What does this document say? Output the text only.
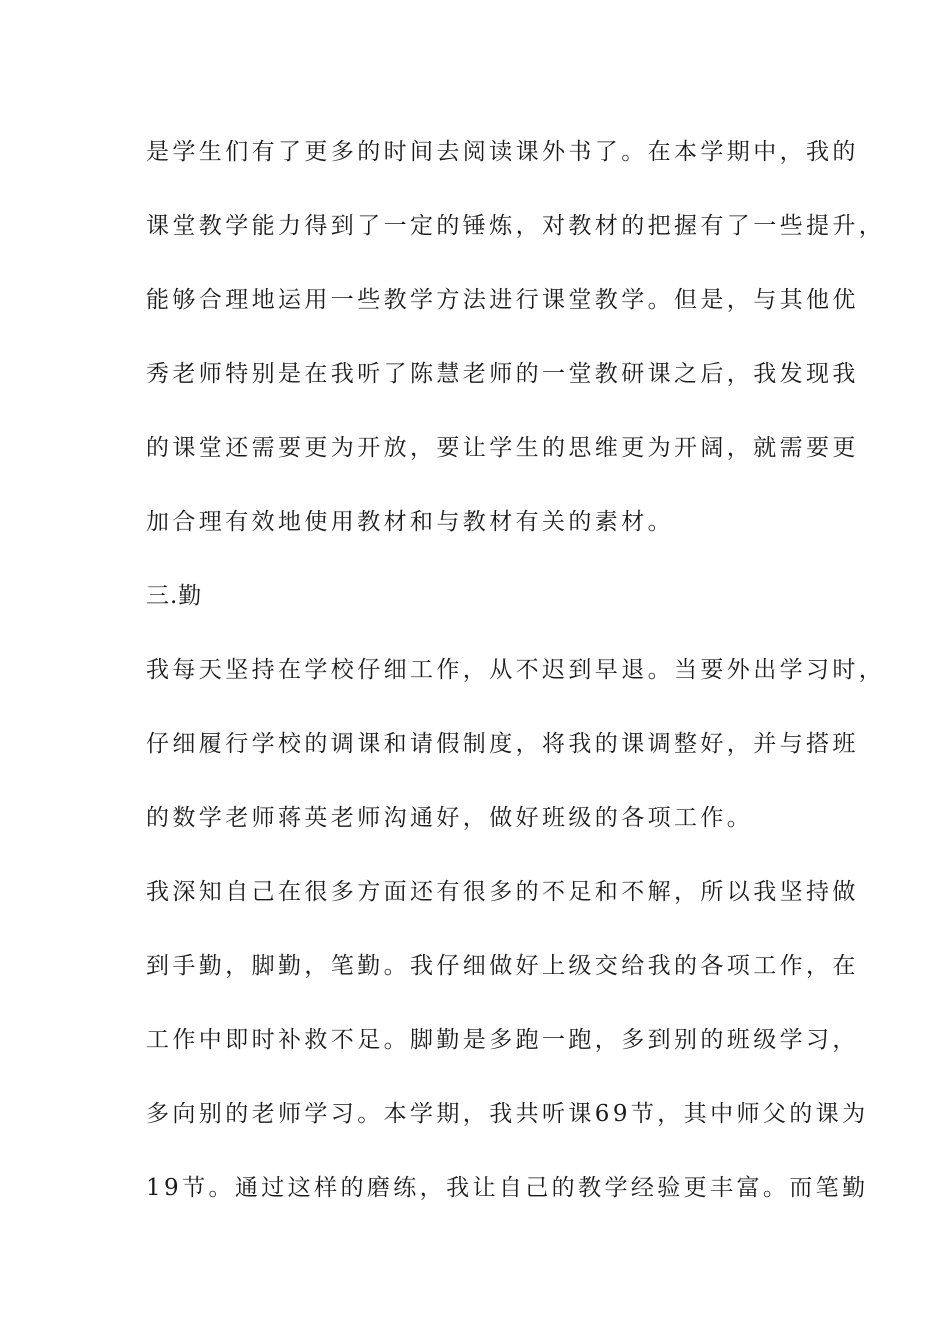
是学生们有了更多的时间去阅读课外书了。在本学期中，我的
课堂教学能力得到了一定的锤炼，对教材的把握有了一些提升，
能够合理地运用一些教学方法进行课堂教学。但是，与其他优
秀老师特别是在我听了陈慧老师的一堂教研课之后，我发现我
的课堂还需要更为开放，要让学生的思维更为开阔，就需要更
加合理有效地使用教材和与教材有关的素材。
三.勤
我每天坚持在学校仔细工作，从不迟到早退。当要外出学习时，
仔细履行学校的调课和请假制度，将我的课调整好，并与搭班
的数学老师蒋英老师沟通好，做好班级的各项工作。
我深知自己在很多方面还有很多的不足和不解，所以我坚持做
到手勤，脚勤，笔勤。我仔细做好上级交给我的各项工作，在
工作中即时补救不足。脚勤是多跑一跑，多到别的班级学习，
多向别的老师学习。本学期，我共听课69节，其中师父的课为
19节。通过这样的磨练，我让自己的教学经验更丰富。而笔勤
